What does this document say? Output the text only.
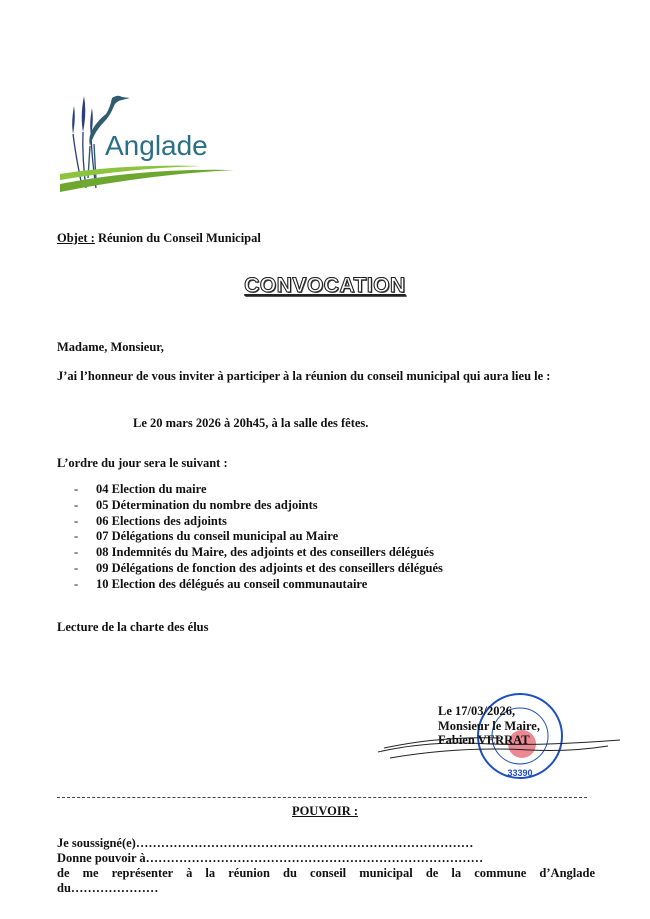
Anglade
Objet : Réunion du Conseil Municipal
CONVOCATION
Madame, Monsieur,
J’ai l’honneur de vous inviter à participer à la réunion du conseil municipal qui aura lieu le :
Le 20 mars 2026 à 20h45, à la salle des fêtes.
L’ordre du jour sera le suivant :
- 04 Election du maire
- 05 Détermination du nombre des adjoints
- 06 Elections des adjoints
- 07 Délégations du conseil municipal au Maire
- 08 Indemnités du Maire, des adjoints et des conseillers délégués
- 09 Délégations de fonction des adjoints et des conseillers délégués
- 10 Election des délégués au conseil communautaire
Lecture de la charte des élus
33390
Le 17/03/2026,
Monsieur le Maire,
Fabien VERRAT
POUVOIR :
Je soussigné(e)………………………………………………………………………
Donne pouvoir à………………………………………………………………………
de me représenter à la réunion du conseil municipal de la commune d’Anglade
du…………………
